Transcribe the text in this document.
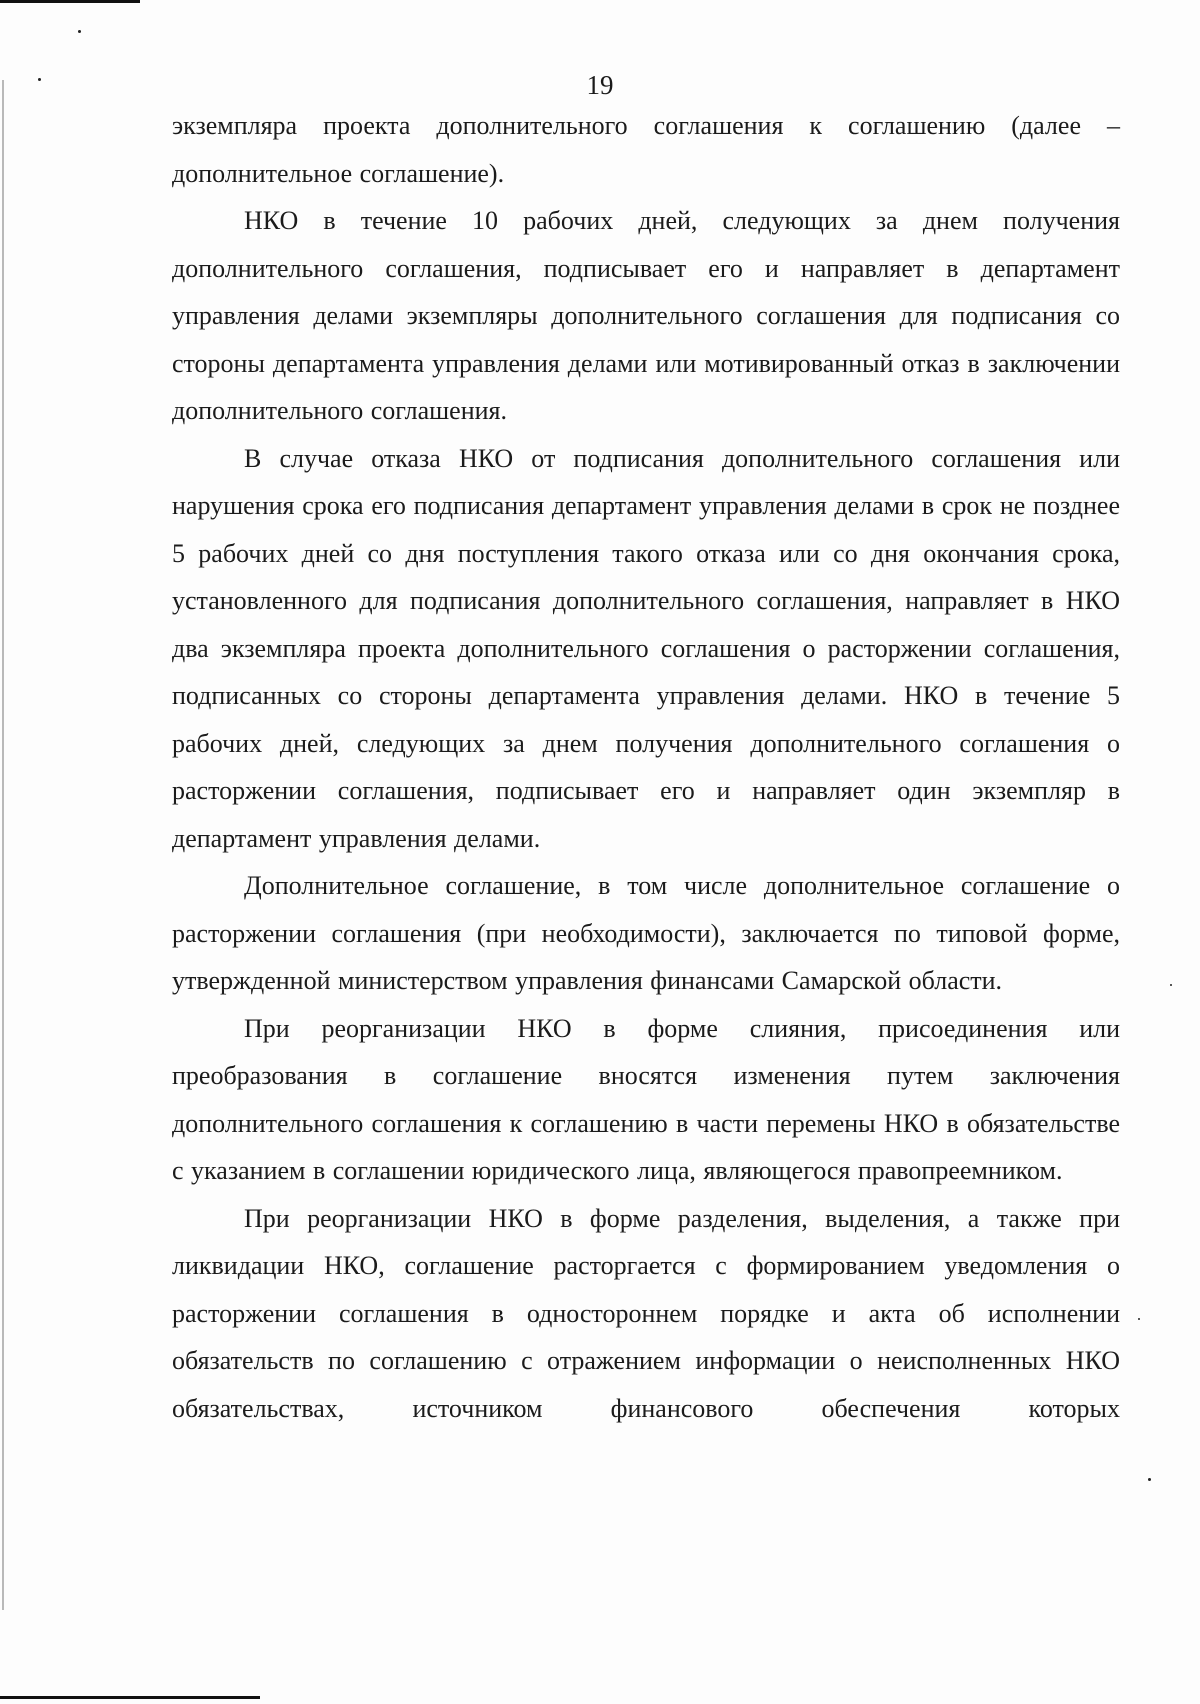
19

экземпляра проекта дополнительного соглашения к соглашению (далее – дополнительное соглашение).

НКО в течение 10 рабочих дней, следующих за днем получения дополнительного соглашения, подписывает его и направляет в департамент управления делами экземпляры дополнительного соглашения для подписания со стороны департамента управления делами или мотивированный отказ в заключении дополнительного соглашения.

В случае отказа НКО от подписания дополнительного соглашения или нарушения срока его подписания департамент управления делами в срок не позднее 5 рабочих дней со дня поступления такого отказа или со дня окончания срока, установленного для подписания дополнительного соглашения, направляет в НКО два экземпляра проекта дополнительного соглашения о расторжении соглашения, подписанных со стороны департамента управления делами. НКО в течение 5 рабочих дней, следующих за днем получения дополнительного соглашения о расторжении соглашения, подписывает его и направляет один экземпляр в департамент управления делами.

Дополнительное соглашение, в том числе дополнительное соглашение о расторжении соглашения (при необходимости), заключается по типовой форме, утвержденной министерством управления финансами Самарской области.

При реорганизации НКО в форме слияния, присоединения или преобразования в соглашение вносятся изменения путем заключения дополнительного соглашения к соглашению в части перемены НКО в обязательстве с указанием в соглашении юридического лица, являющегося правопреемником.

При реорганизации НКО в форме разделения, выделения, а также при ликвидации НКО, соглашение расторгается с формированием уведомления о расторжении соглашения в одностороннем порядке и акта об исполнении обязательств по соглашению с отражением информации о неисполненных НКО обязательствах, источником финансового обеспечения которых
